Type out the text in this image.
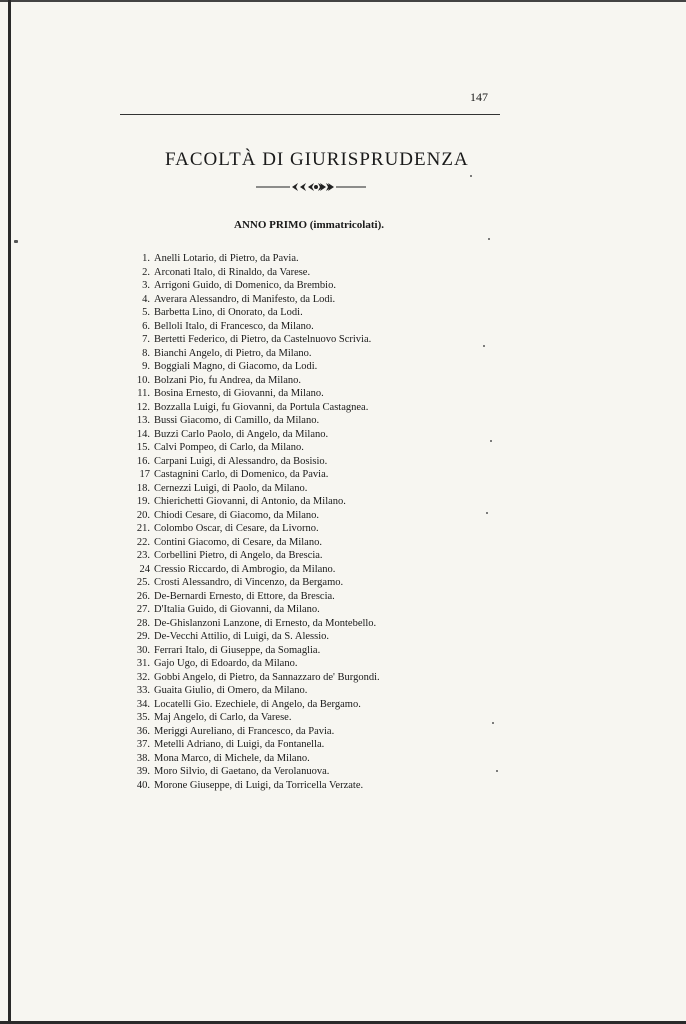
147
FACOLTÀ DI GIURISPRUDENZA
ANNO PRIMO (immatricolati).
1. Anelli Lotario, di Pietro, da Pavia.
2. Arconati Italo, di Rinaldo, da Varese.
3. Arrigoni Guido, di Domenico, da Brembio.
4. Averara Alessandro, di Manifesto, da Lodi.
5. Barbetta Lino, di Onorato, da Lodi.
6. Belloli Italo, di Francesco, da Milano.
7. Bertetti Federico, di Pietro, da Castelnuovo Scrivia.
8. Bianchi Angelo, di Pietro, da Milano.
9. Boggiali Magno, di Giacomo, da Lodi.
10. Bolzani Pio, fu Andrea, da Milano.
11. Bosina Ernesto, di Giovanni, da Milano.
12. Bozzalla Luigi, fu Giovanni, da Portula Castagnea.
13. Bussi Giacomo, di Camillo, da Milano.
14. Buzzi Carlo Paolo, di Angelo, da Milano.
15. Calvi Pompeo, di Carlo, da Milano.
16. Carpani Luigi, di Alessandro, da Bosisio.
17 Castagnini Carlo, di Domenico, da Pavia.
18. Cernezzi Luigi, di Paolo, da Milano.
19. Chierichetti Giovanni, di Antonio, da Milano.
20. Chiodi Cesare, di Giacomo, da Milano.
21. Colombo Oscar, di Cesare, da Livorno.
22. Contini Giacomo, di Cesare, da Milano.
23. Corbellini Pietro, di Angelo, da Brescia.
24 Cressio Riccardo, di Ambrogio, da Milano.
25. Crosti Alessandro, di Vincenzo, da Bergamo.
26. De-Bernardi Ernesto, di Ettore, da Brescia.
27. D'Italia Guido, di Giovanni, da Milano.
28. De-Ghislanzoni Lanzone, di Ernesto, da Montebello.
29. De-Vecchi Attilio, di Luigi, da S. Alessio.
30. Ferrari Italo, di Giuseppe, da Somaglia.
31. Gajo Ugo, di Edoardo, da Milano.
32. Gobbi Angelo, di Pietro, da Sannazzaro de' Burgondi.
33. Guaita Giulio, di Omero, da Milano.
34. Locatelli Gio. Ezechiele, di Angelo, da Bergamo.
35. Maj Angelo, di Carlo, da Varese.
36. Meriggi Aureliano, di Francesco, da Pavia.
37. Metelli Adriano, di Luigi, da Fontanella.
38. Mona Marco, di Michele, da Milano.
39. Moro Silvio, di Gaetano, da Verolanuova.
40. Morone Giuseppe, di Luigi, da Torricella Verzate.
